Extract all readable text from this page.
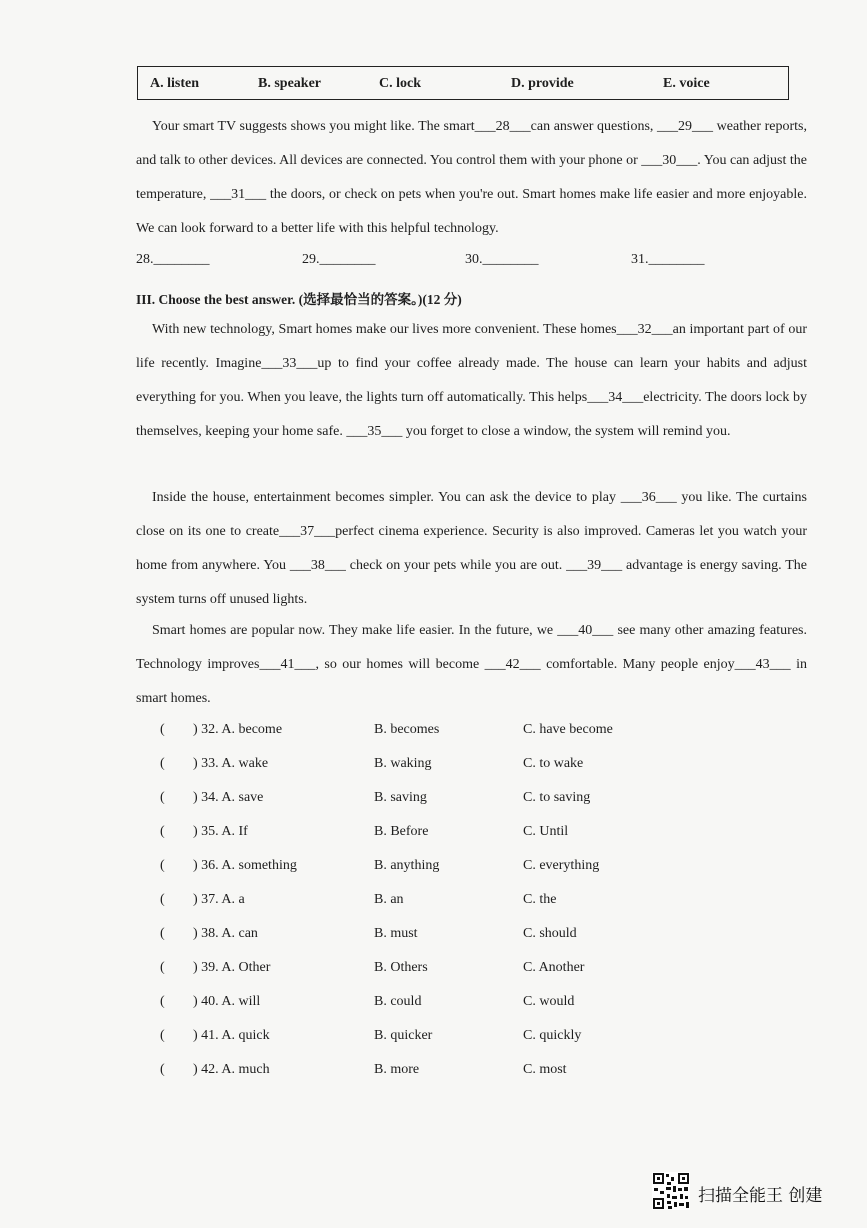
A. listen	B. speaker	C. lock	D. provide	E. voice

Your smart TV suggests shows you might like. The smart___28___can answer questions, ___29___ weather reports, and talk to other devices. All devices are connected. You control them with your phone or ___30___. You can adjust the temperature, ___31___ the doors, or check on pets when you're out. Smart homes make life easier and more enjoyable. We can look forward to a better life with this helpful technology.

28.________	29.________	30.________	31.________
III. Choose the best answer. (选择最恰当的答案。)(12 分)

With new technology, Smart homes make our lives more convenient. These homes___32___an important part of our life recently. Imagine___33___up to find your coffee already made. The house can learn your habits and adjust everything for you. When you leave, the lights turn off automatically. This helps___34___electricity. The doors lock by themselves, keeping your home safe. ___35___ you forget to close a window, the system will remind you.

Inside the house, entertainment becomes simpler. You can ask the device to play ___36___ you like. The curtains close on its one to create___37___perfect cinema experience. Security is also improved. Cameras let you watch your home from anywhere. You ___38___ check on your pets while you are out. ___39___ advantage is energy saving. The system turns off unused lights.

Smart homes are popular now. They make life easier. In the future, we ___40___ see many other amazing features. Technology improves___41___, so our homes will become ___42___ comfortable. Many people enjoy___43___ in smart homes.

( ) 32. A. become	B. becomes	C. have become
( ) 33. A. wake	B. waking	C. to wake
( ) 34. A. save	B. saving	C. to saving
( ) 35. A. If	B. Before	C. Until
( ) 36. A. something	B. anything	C. everything
( ) 37. A. a	B. an	C. the
( ) 38. A. can	B. must	C. should
( ) 39. A. Other	B. Others	C. Another
( ) 40. A. will	B. could	C. would
( ) 41. A. quick	B. quicker	C. quickly
( ) 42. A. much	B. more	C. most
扫描全能王 创建
